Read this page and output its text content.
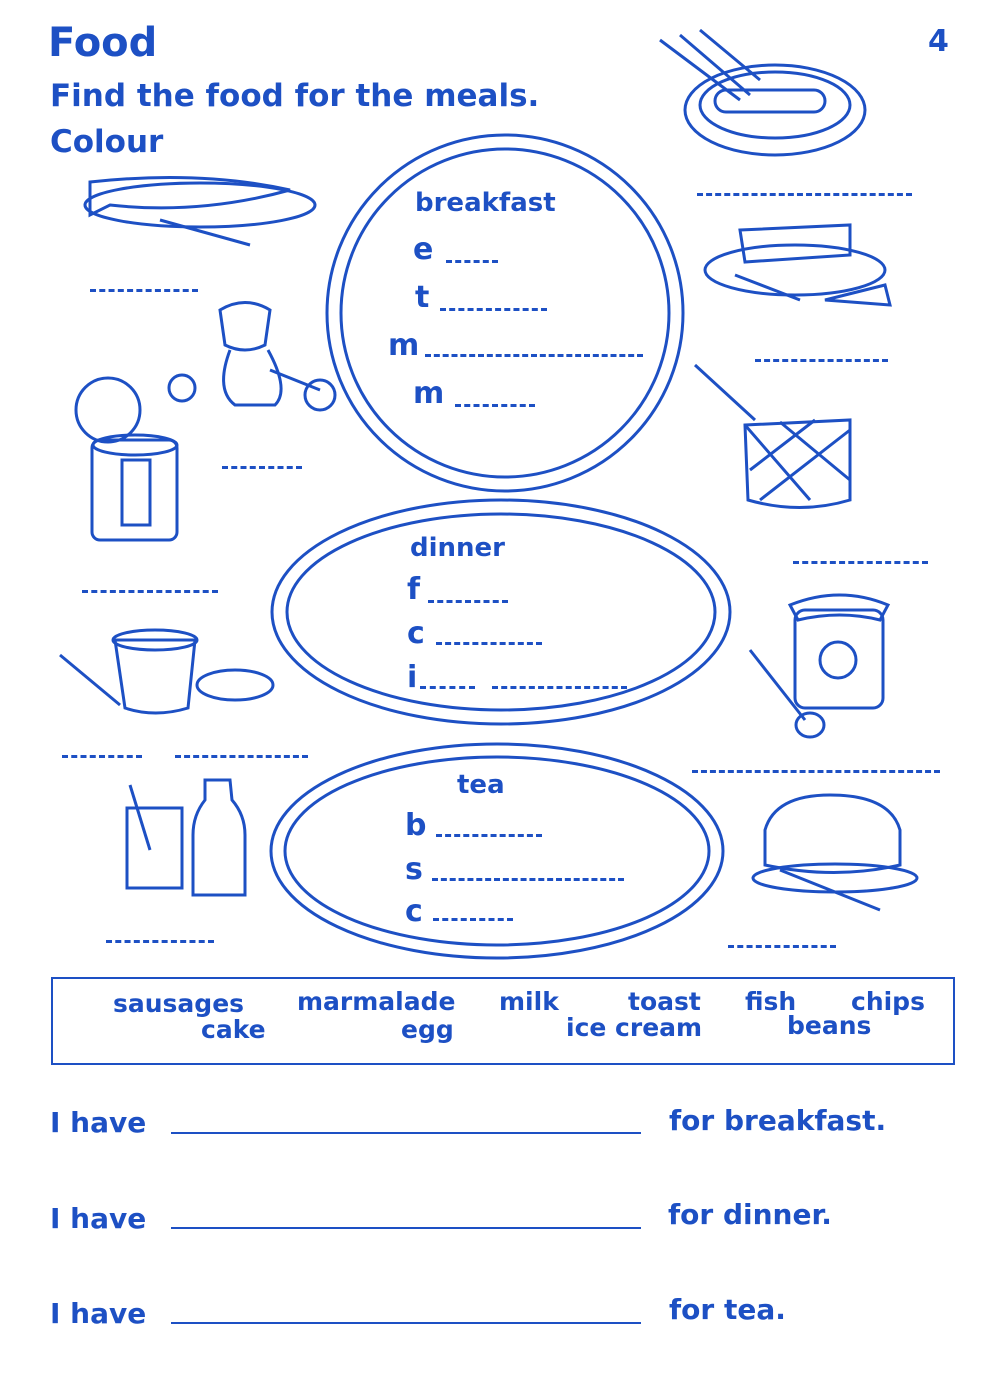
Food
Find the food for the meals.
Colour
4
breakfast
e
t
m
m
dinner
f
c
i
tea
b
s
c
sausages marmalade milk	toast fish chips
cake	egg	ice cream	beans
I have	for breakfast.
I have	for dinner.
I have	for tea.
